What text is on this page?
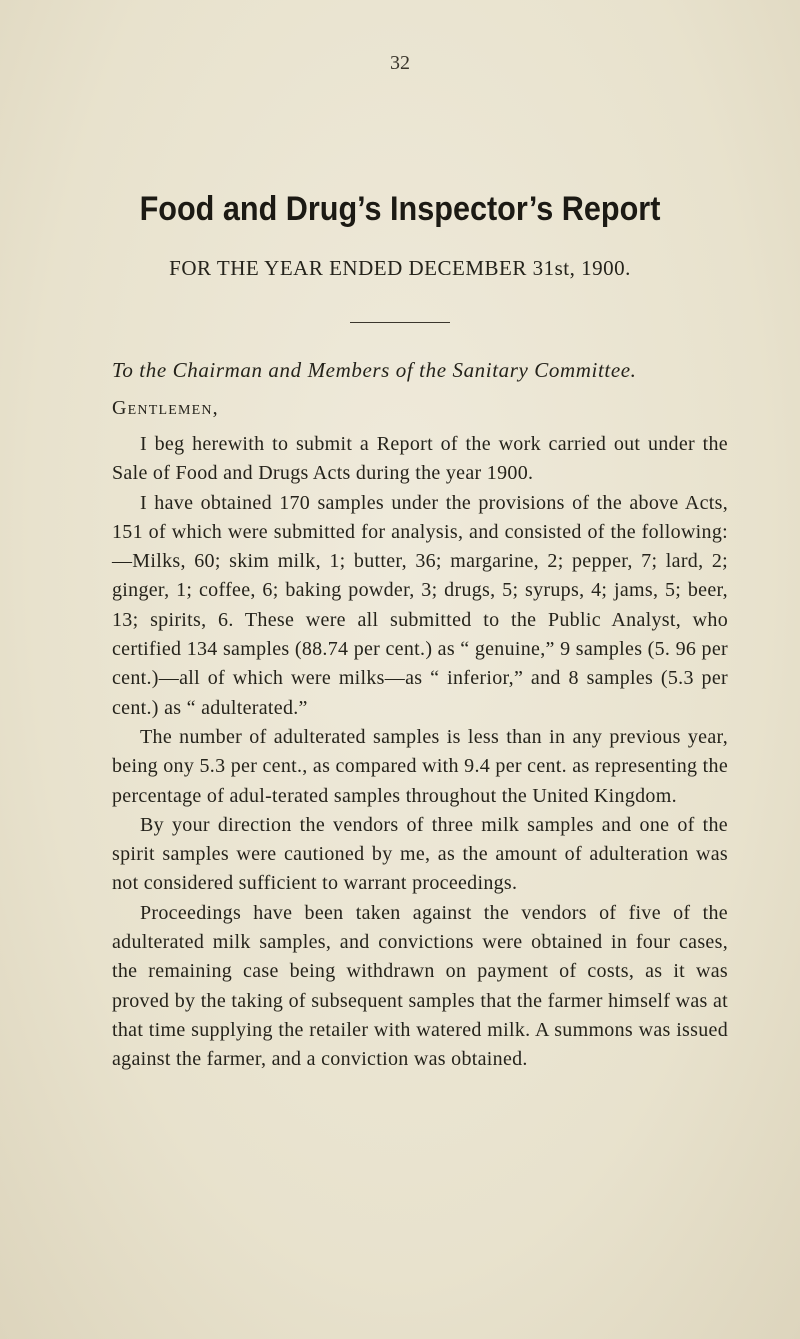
32
Food and Drug’s Inspector’s Report
FOR THE YEAR ENDED DECEMBER 31st, 1900.
To the Chairman and Members of the Sanitary Committee.
Gentlemen,

I beg herewith to submit a Report of the work carried out under the Sale of Food and Drugs Acts during the year 1900.

I have obtained 170 samples under the provisions of the above Acts, 151 of which were submitted for analysis, and consisted of the following: —Milks, 60; skim milk, 1; butter, 36; margarine, 2; pepper, 7; lard, 2; ginger, 1; coffee, 6; baking powder, 3; drugs, 5; syrups, 4; jams, 5; beer, 13; spirits, 6. These were all submitted to the Public Analyst, who certified 134 samples (88.74 per cent.) as “ genuine,” 9 samples (5. 96 per cent.)—all of which were milks—as “ inferior,” and 8 samples (5.3 per cent.) as “ adulterated.”

The number of adulterated samples is less than in any previous year, being ony 5.3 per cent., as compared with 9.4 per cent. as representing the percentage of adul-terated samples throughout the United Kingdom.

By your direction the vendors of three milk samples and one of the spirit samples were cautioned by me, as the amount of adulteration was not considered sufficient to warrant proceedings.

Proceedings have been taken against the vendors of five of the adulterated milk samples, and convictions were obtained in four cases, the remaining case being withdrawn on payment of costs, as it was proved by the taking of subsequent samples that the farmer himself was at that time supplying the retailer with watered milk. A summons was issued against the farmer, and a conviction was obtained.
